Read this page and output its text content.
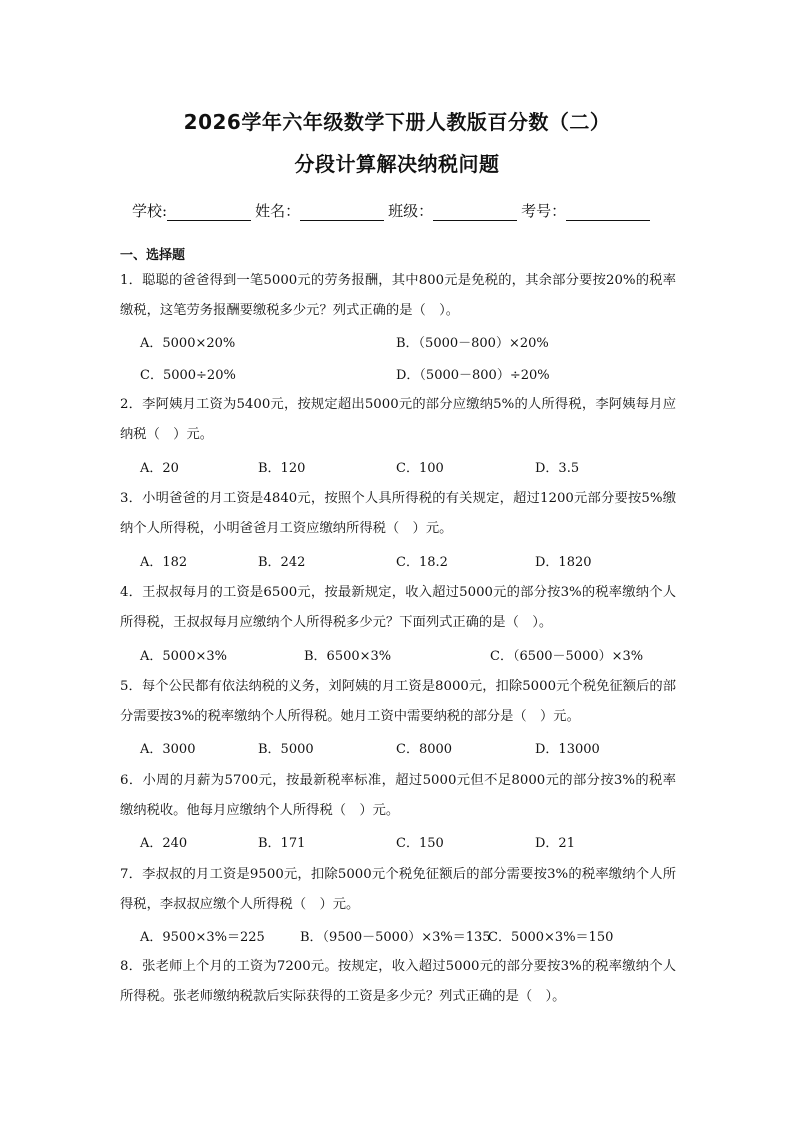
2026学年六年级数学下册人教版百分数（二）
分段计算解决纳税问题
学校:	姓名：	班级：	考号：
一、选择题
1．聪聪的爸爸得到一笔5000元的劳务报酬，其中800元是免税的，其余部分要按20%的税率缴税，这笔劳务报酬要缴税多少元？列式正确的是（　）。
A．5000×20%	B．（5000－800）×20%
C．5000÷20%	D．（5000－800）÷20%
2．李阿姨月工资为5400元，按规定超出5000元的部分应缴纳5%的人所得税，李阿姨每月应纳税（　）元。
A．20	B．120	C．100	D．3.5
3．小明爸爸的月工资是4840元，按照个人具所得税的有关规定，超过1200元部分要按5%缴纳个人所得税，小明爸爸月工资应缴纳所得税（　）元。
A．182	B．242	C．18.2	D．1820
4．王叔叔每月的工资是6500元，按最新规定，收入超过5000元的部分按3%的税率缴纳个人所得税，王叔叔每月应缴纳个人所得税多少元？下面列式正确的是（　）。
A．5000×3%	B．6500×3%	C．（6500－5000）×3%
5．每个公民都有依法纳税的义务，刘阿姨的月工资是8000元，扣除5000元个税免征额后的部分需要按3%的税率缴纳个人所得税。她月工资中需要纳税的部分是（　）元。
A．3000	B．5000	C．8000	D．13000
6．小周的月薪为5700元，按最新税率标准，超过5000元但不足8000元的部分按3%的税率缴纳税收。他每月应缴纳个人所得税（　）元。
A．240	B．171	C．150	D．21
7．李叔叔的月工资是9500元，扣除5000元个税免征额后的部分需要按3%的税率缴纳个人所得税，李叔叔应缴个人所得税（　）元。
A．9500×3%＝225	B．（9500－5000）×3%＝135
C．5000×3%＝150
8．张老师上个月的工资为7200元。按规定，收入超过5000元的部分要按3%的税率缴纳个人所得税。张老师缴纳税款后实际获得的工资是多少元？列式正确的是（　）。
